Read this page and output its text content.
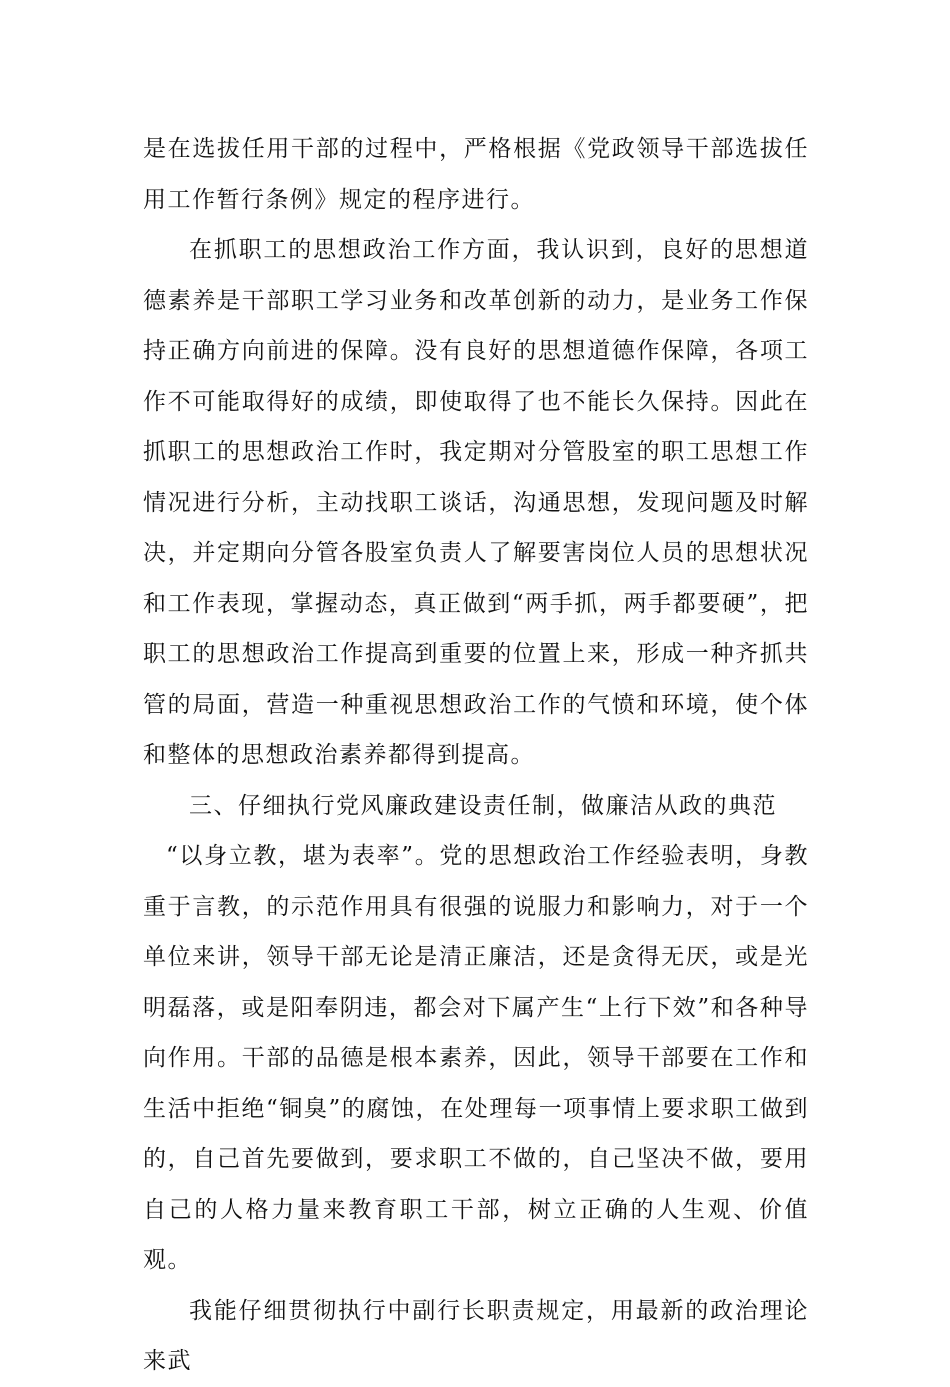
是在选拔任用干部的过程中，严格根据《党政领导干部选拔任用工作暂行条例》规定的程序进行。

在抓职工的思想政治工作方面，我认识到，良好的思想道德素养是干部职工学习业务和改革创新的动力，是业务工作保持正确方向前进的保障。没有良好的思想道德作保障，各项工作不可能取得好的成绩，即使取得了也不能长久保持。因此在抓职工的思想政治工作时，我定期对分管股室的职工思想工作情况进行分析，主动找职工谈话，沟通思想，发现问题及时解决，并定期向分管各股室负责人了解要害岗位人员的思想状况和工作表现，掌握动态，真正做到“两手抓，两手都要硬”，把职工的思想政治工作提高到重要的位置上来，形成一种齐抓共管的局面，营造一种重视思想政治工作的气愤和环境，使个体和整体的思想政治素养都得到提高。

三、仔细执行党风廉政建设责任制，做廉洁从政的典范

“以身立教，堪为表率”。党的思想政治工作经验表明，身教重于言教，的示范作用具有很强的说服力和影响力，对于一个单位来讲，领导干部无论是清正廉洁，还是贪得无厌，或是光明磊落，或是阳奉阴违，都会对下属产生“上行下效”和各种导向作用。干部的品德是根本素养，因此，领导干部要在工作和生活中拒绝“铜臭”的腐蚀，在处理每一项事情上要求职工做到的，自己首先要做到，要求职工不做的，自己坚决不做，要用自己的人格力量来教育职工干部，树立正确的人生观、价值观。

我能仔细贯彻执行中副行长职责规定，用最新的政治理论来武
